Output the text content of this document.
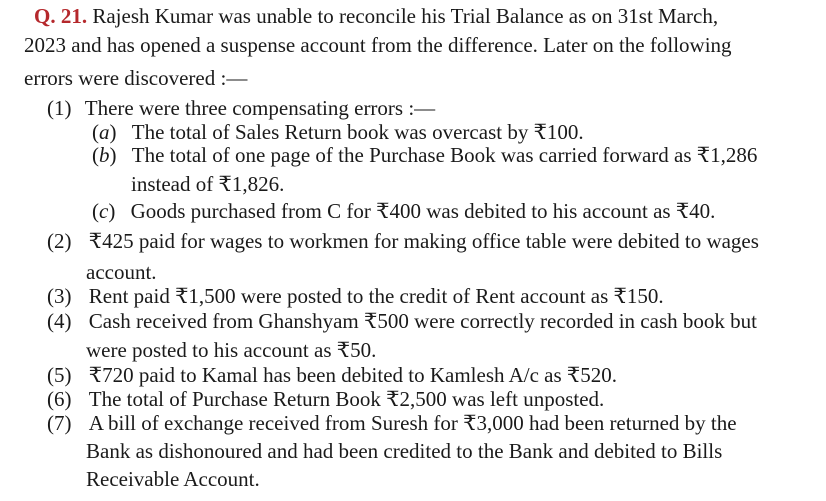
Q. 21. Rajesh Kumar was unable to reconcile his Trial Balance as on 31st March,
2023 and has opened a suspense account from the difference. Later on the following
errors were discovered :—
(1) There were three compensating errors :—
(a) The total of Sales Return book was overcast by ₹100.
(b) The total of one page of the Purchase Book was carried forward as ₹1,286
instead of ₹1,826.
(c) Goods purchased from C for ₹400 was debited to his account as ₹40.
(2) ₹425 paid for wages to workmen for making office table were debited to wages
account.
(3) Rent paid ₹1,500 were posted to the credit of Rent account as ₹150.
(4) Cash received from Ghanshyam ₹500 were correctly recorded in cash book but
were posted to his account as ₹50.
(5) ₹720 paid to Kamal has been debited to Kamlesh A/c as ₹520.
(6) The total of Purchase Return Book ₹2,500 was left unposted.
(7) A bill of exchange received from Suresh for ₹3,000 had been returned by the
Bank as dishonoured and had been credited to the Bank and debited to Bills
Receivable Account.
